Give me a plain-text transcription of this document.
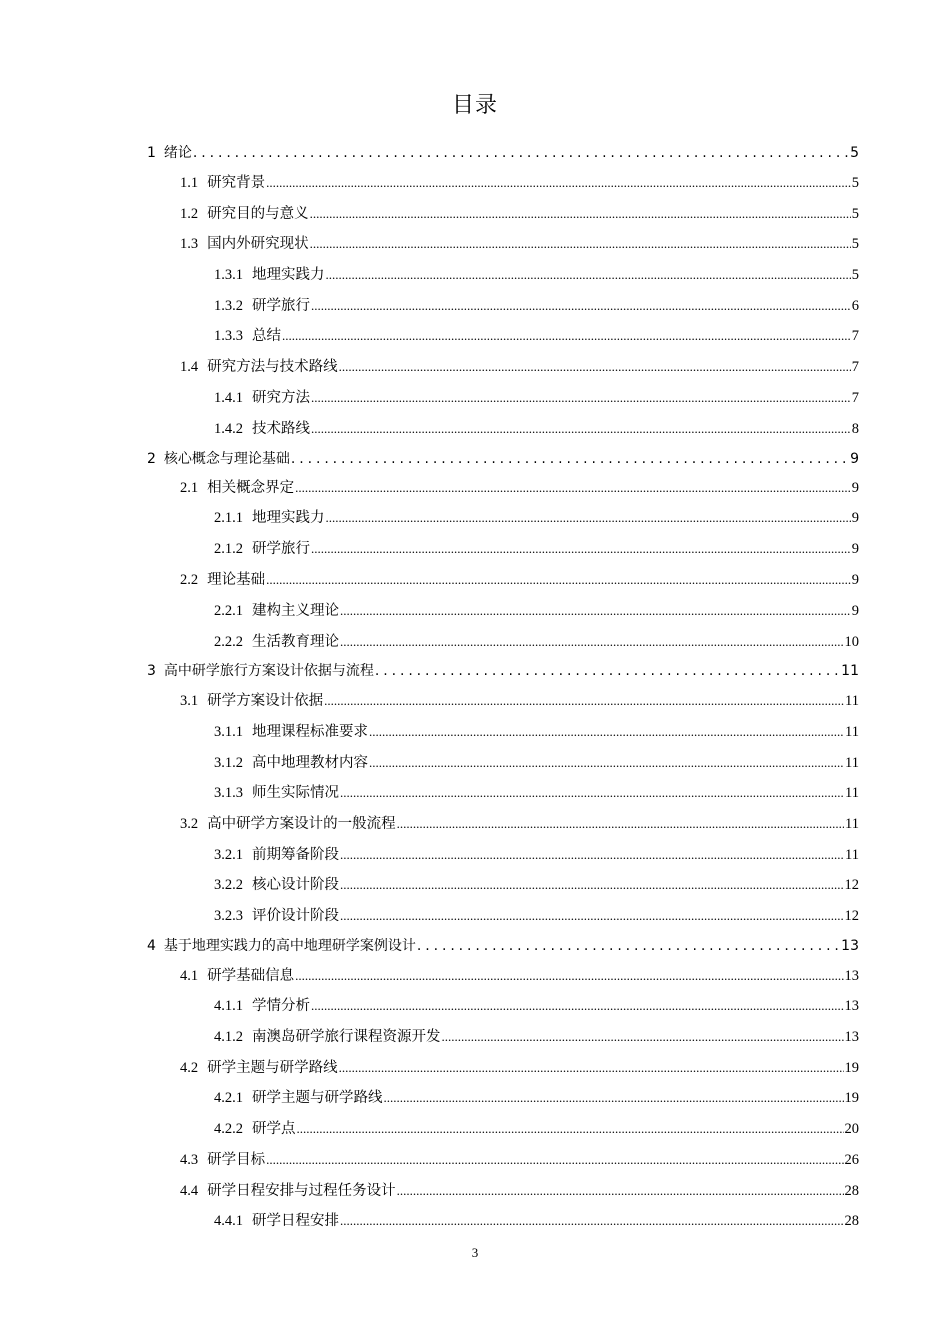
目录
1 绪论 .....	5
1.1 研究背景 .....	5
1.2 研究目的与意义 .....	5
1.3 国内外研究现状 .....	5
1.3.1 地理实践力 .....	5
1.3.2 研学旅行 .....	6
1.3.3 总结 .....	7
1.4 研究方法与技术路线 .....	7
1.4.1 研究方法 .....	7
1.4.2 技术路线 .....	8
2 核心概念与理论基础 .....	9
2.1 相关概念界定 .....	9
2.1.1 地理实践力 .....	9
2.1.2 研学旅行 .....	9
2.2 理论基础 .....	9
2.2.1 建构主义理论 .....	9
2.2.2 生活教育理论 .....	10
3 高中研学旅行方案设计依据与流程 .....	11
3.1 研学方案设计依据 .....	11
3.1.1 地理课程标准要求 .....	11
3.1.2 高中地理教材内容 .....	11
3.1.3 师生实际情况 .....	11
3.2 高中研学方案设计的一般流程 .....	11
3.2.1 前期筹备阶段 .....	11
3.2.2 核心设计阶段 .....	12
3.2.3 评价设计阶段 .....	12
4 基于地理实践力的高中地理研学案例设计 .....	13
4.1 研学基础信息 .....	13
4.1.1 学情分析 .....	13
4.1.2 南澳岛研学旅行课程资源开发 .....	13
4.2 研学主题与研学路线 .....	19
4.2.1 研学主题与研学路线 .....	19
4.2.2 研学点 .....	20
4.3 研学目标 .....	26
4.4 研学日程安排与过程任务设计 .....	28
4.4.1 研学日程安排 .....	28
3
